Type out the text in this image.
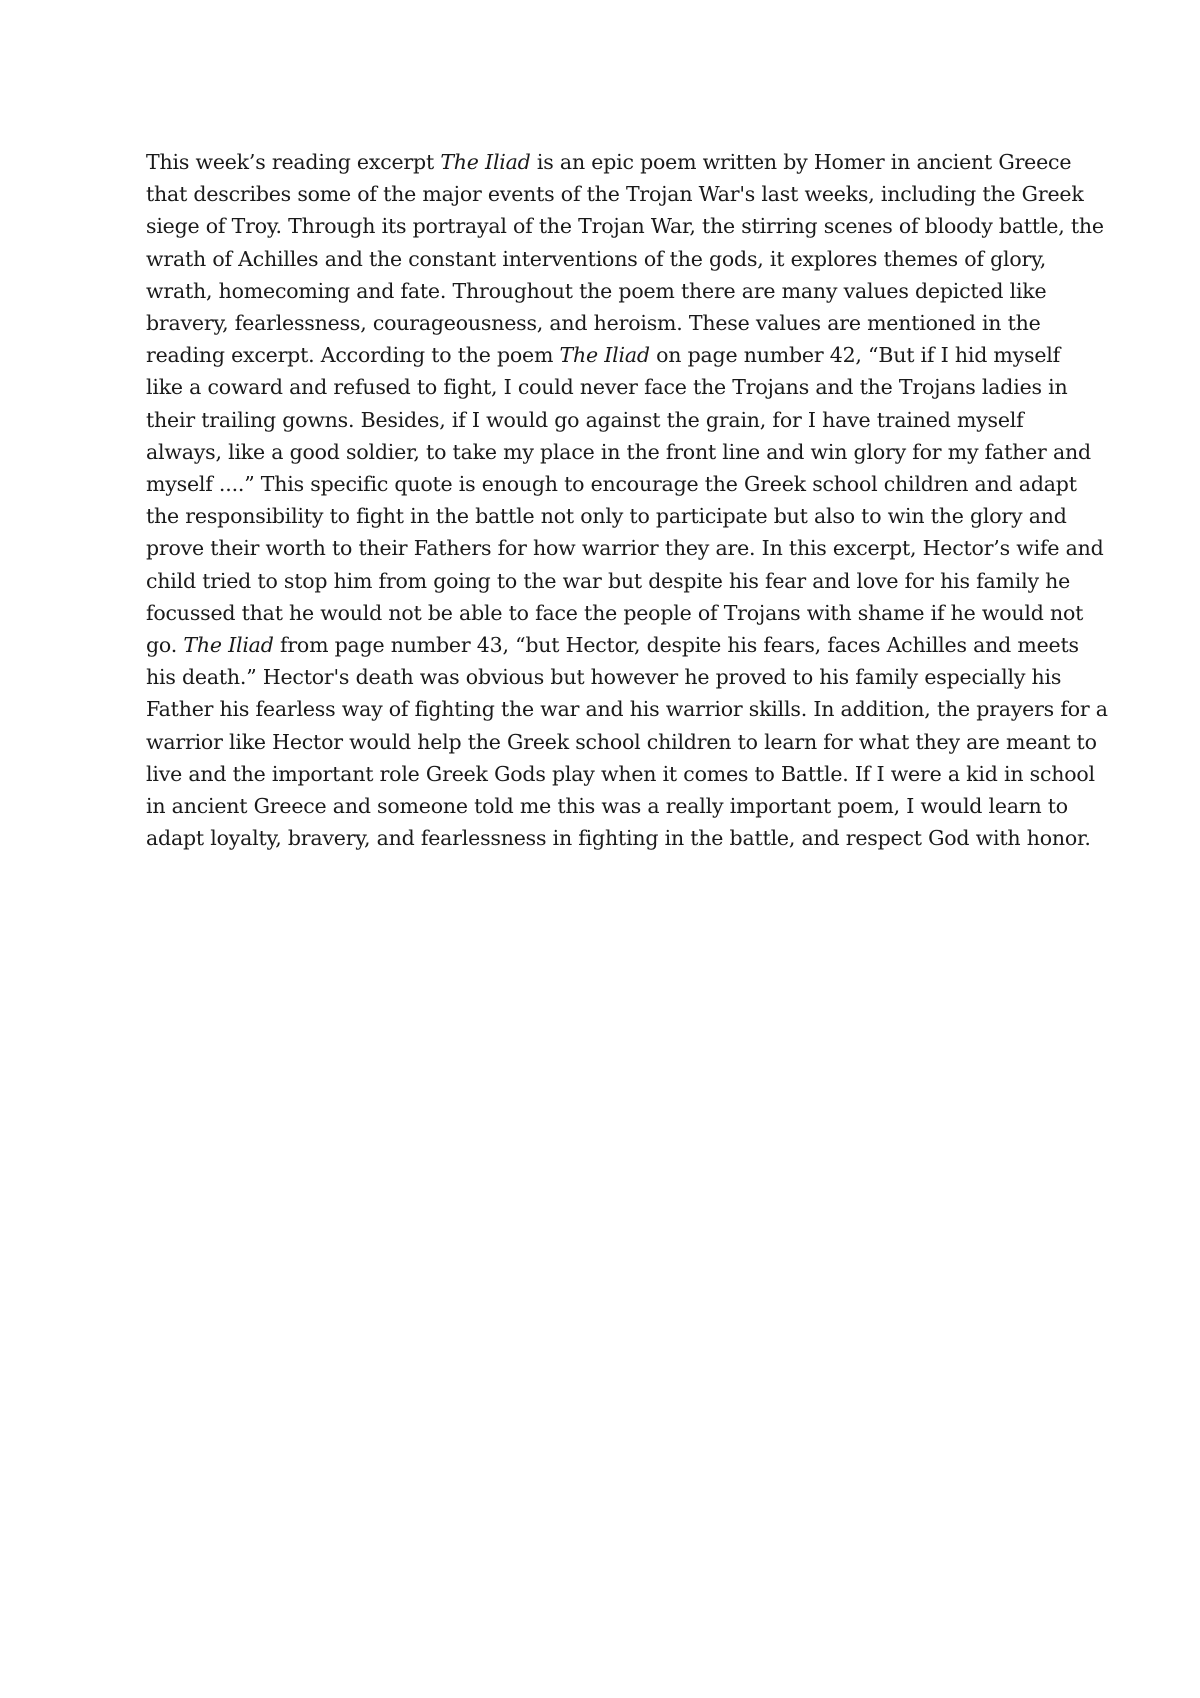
This week’s reading excerpt The Iliad is an epic poem written by Homer in ancient Greece
that describes some of the major events of the Trojan War's last weeks, including the Greek
siege of Troy. Through its portrayal of the Trojan War, the stirring scenes of bloody battle, the
wrath of Achilles and the constant interventions of the gods, it explores themes of glory,
wrath, homecoming and fate. Throughout the poem there are many values depicted like
bravery, fearlessness, courageousness, and heroism. These values are mentioned in the
reading excerpt. According to the poem The Iliad on page number 42, “But if I hid myself
like a coward and refused to fight, I could never face the Trojans and the Trojans ladies in
their trailing gowns. Besides, if I would go against the grain, for I have trained myself
always, like a good soldier, to take my place in the front line and win glory for my father and
myself ....” This specific quote is enough to encourage the Greek school children and adapt
the responsibility to fight in the battle not only to participate but also to win the glory and
prove their worth to their Fathers for how warrior they are. In this excerpt, Hector’s wife and
child tried to stop him from going to the war but despite his fear and love for his family he
focussed that he would not be able to face the people of Trojans with shame if he would not
go. The Iliad from page number 43, “but Hector, despite his fears, faces Achilles and meets
his death.” Hector's death was obvious but however he proved to his family especially his
Father his fearless way of fighting the war and his warrior skills. In addition, the prayers for a
warrior like Hector would help the Greek school children to learn for what they are meant to
live and the important role Greek Gods play when it comes to Battle. If I were a kid in school
in ancient Greece and someone told me this was a really important poem, I would learn to
adapt loyalty, bravery, and fearlessness in fighting in the battle, and respect God with honor.
